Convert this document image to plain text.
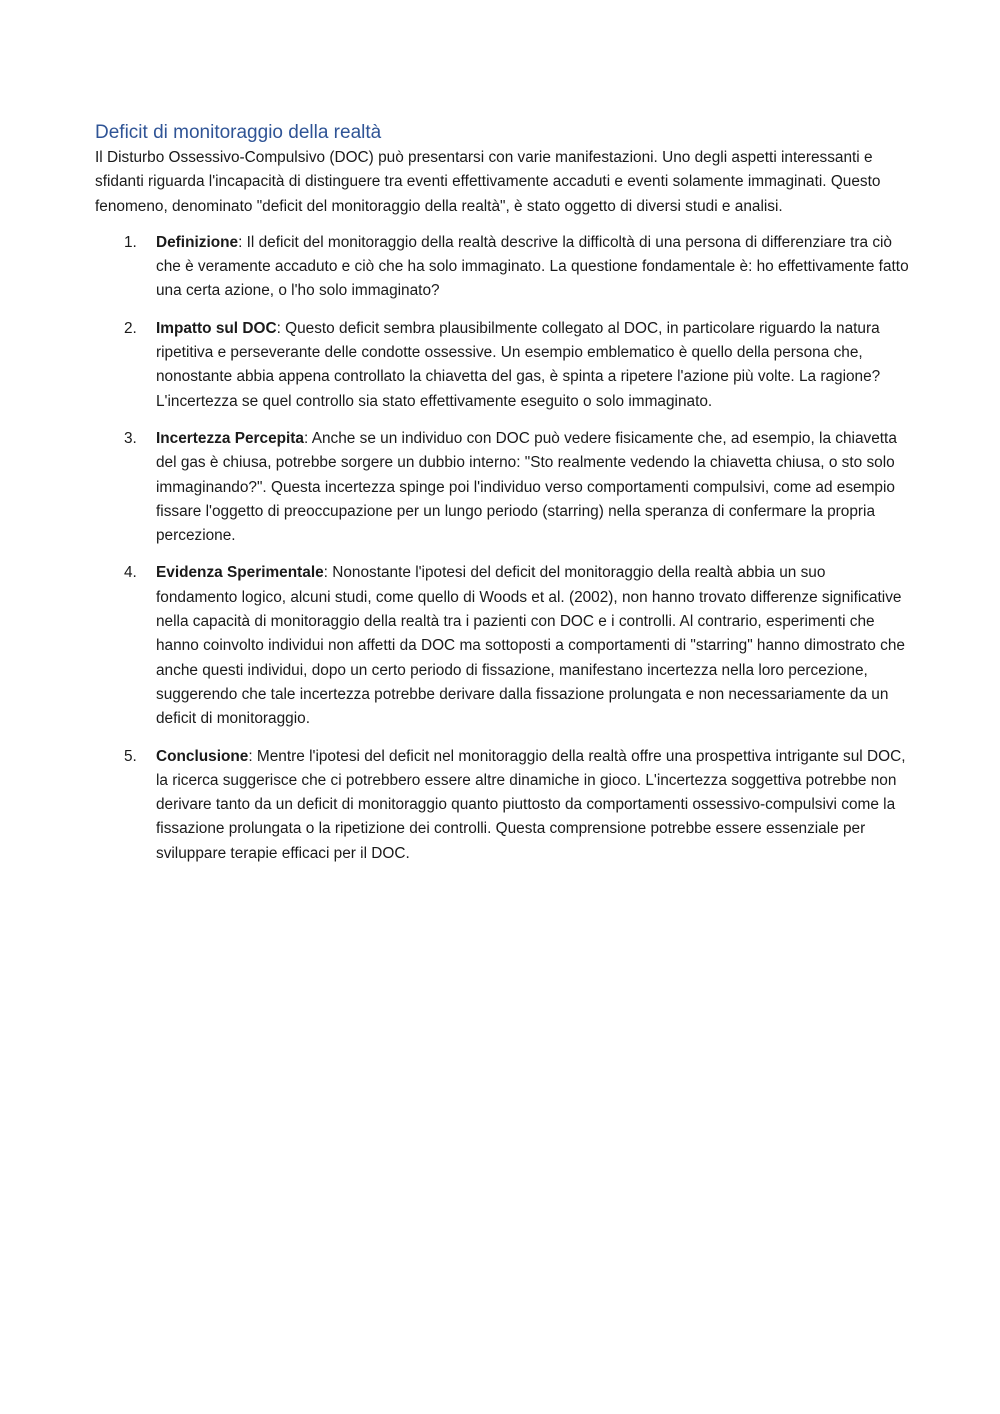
Deficit di monitoraggio della realtà

Il Disturbo Ossessivo-Compulsivo (DOC) può presentarsi con varie manifestazioni. Uno degli aspetti interessanti e sfidanti riguarda l'incapacità di distinguere tra eventi effettivamente accaduti e eventi solamente immaginati. Questo fenomeno, denominato "deficit del monitoraggio della realtà", è stato oggetto di diversi studi e analisi.

1. Definizione: Il deficit del monitoraggio della realtà descrive la difficoltà di una persona di differenziare tra ciò che è veramente accaduto e ciò che ha solo immaginato. La questione fondamentale è: ho effettivamente fatto una certa azione, o l'ho solo immaginato?
2. Impatto sul DOC: Questo deficit sembra plausibilmente collegato al DOC, in particolare riguardo la natura ripetitiva e perseverante delle condotte ossessive. Un esempio emblematico è quello della persona che, nonostante abbia appena controllato la chiavetta del gas, è spinta a ripetere l'azione più volte. La ragione? L'incertezza se quel controllo sia stato effettivamente eseguito o solo immaginato.
3. Incertezza Percepita: Anche se un individuo con DOC può vedere fisicamente che, ad esempio, la chiavetta del gas è chiusa, potrebbe sorgere un dubbio interno: "Sto realmente vedendo la chiavetta chiusa, o sto solo immaginando?". Questa incertezza spinge poi l'individuo verso comportamenti compulsivi, come ad esempio fissare l'oggetto di preoccupazione per un lungo periodo (starring) nella speranza di confermare la propria percezione.
4. Evidenza Sperimentale: Nonostante l'ipotesi del deficit del monitoraggio della realtà abbia un suo fondamento logico, alcuni studi, come quello di Woods et al. (2002), non hanno trovato differenze significative nella capacità di monitoraggio della realtà tra i pazienti con DOC e i controlli. Al contrario, esperimenti che hanno coinvolto individui non affetti da DOC ma sottoposti a comportamenti di "starring" hanno dimostrato che anche questi individui, dopo un certo periodo di fissazione, manifestano incertezza nella loro percezione, suggerendo che tale incertezza potrebbe derivare dalla fissazione prolungata e non necessariamente da un deficit di monitoraggio.
5. Conclusione: Mentre l'ipotesi del deficit nel monitoraggio della realtà offre una prospettiva intrigante sul DOC, la ricerca suggerisce che ci potrebbero essere altre dinamiche in gioco. L'incertezza soggettiva potrebbe non derivare tanto da un deficit di monitoraggio quanto piuttosto da comportamenti ossessivo-compulsivi come la fissazione prolungata o la ripetizione dei controlli. Questa comprensione potrebbe essere essenziale per sviluppare terapie efficaci per il DOC.
